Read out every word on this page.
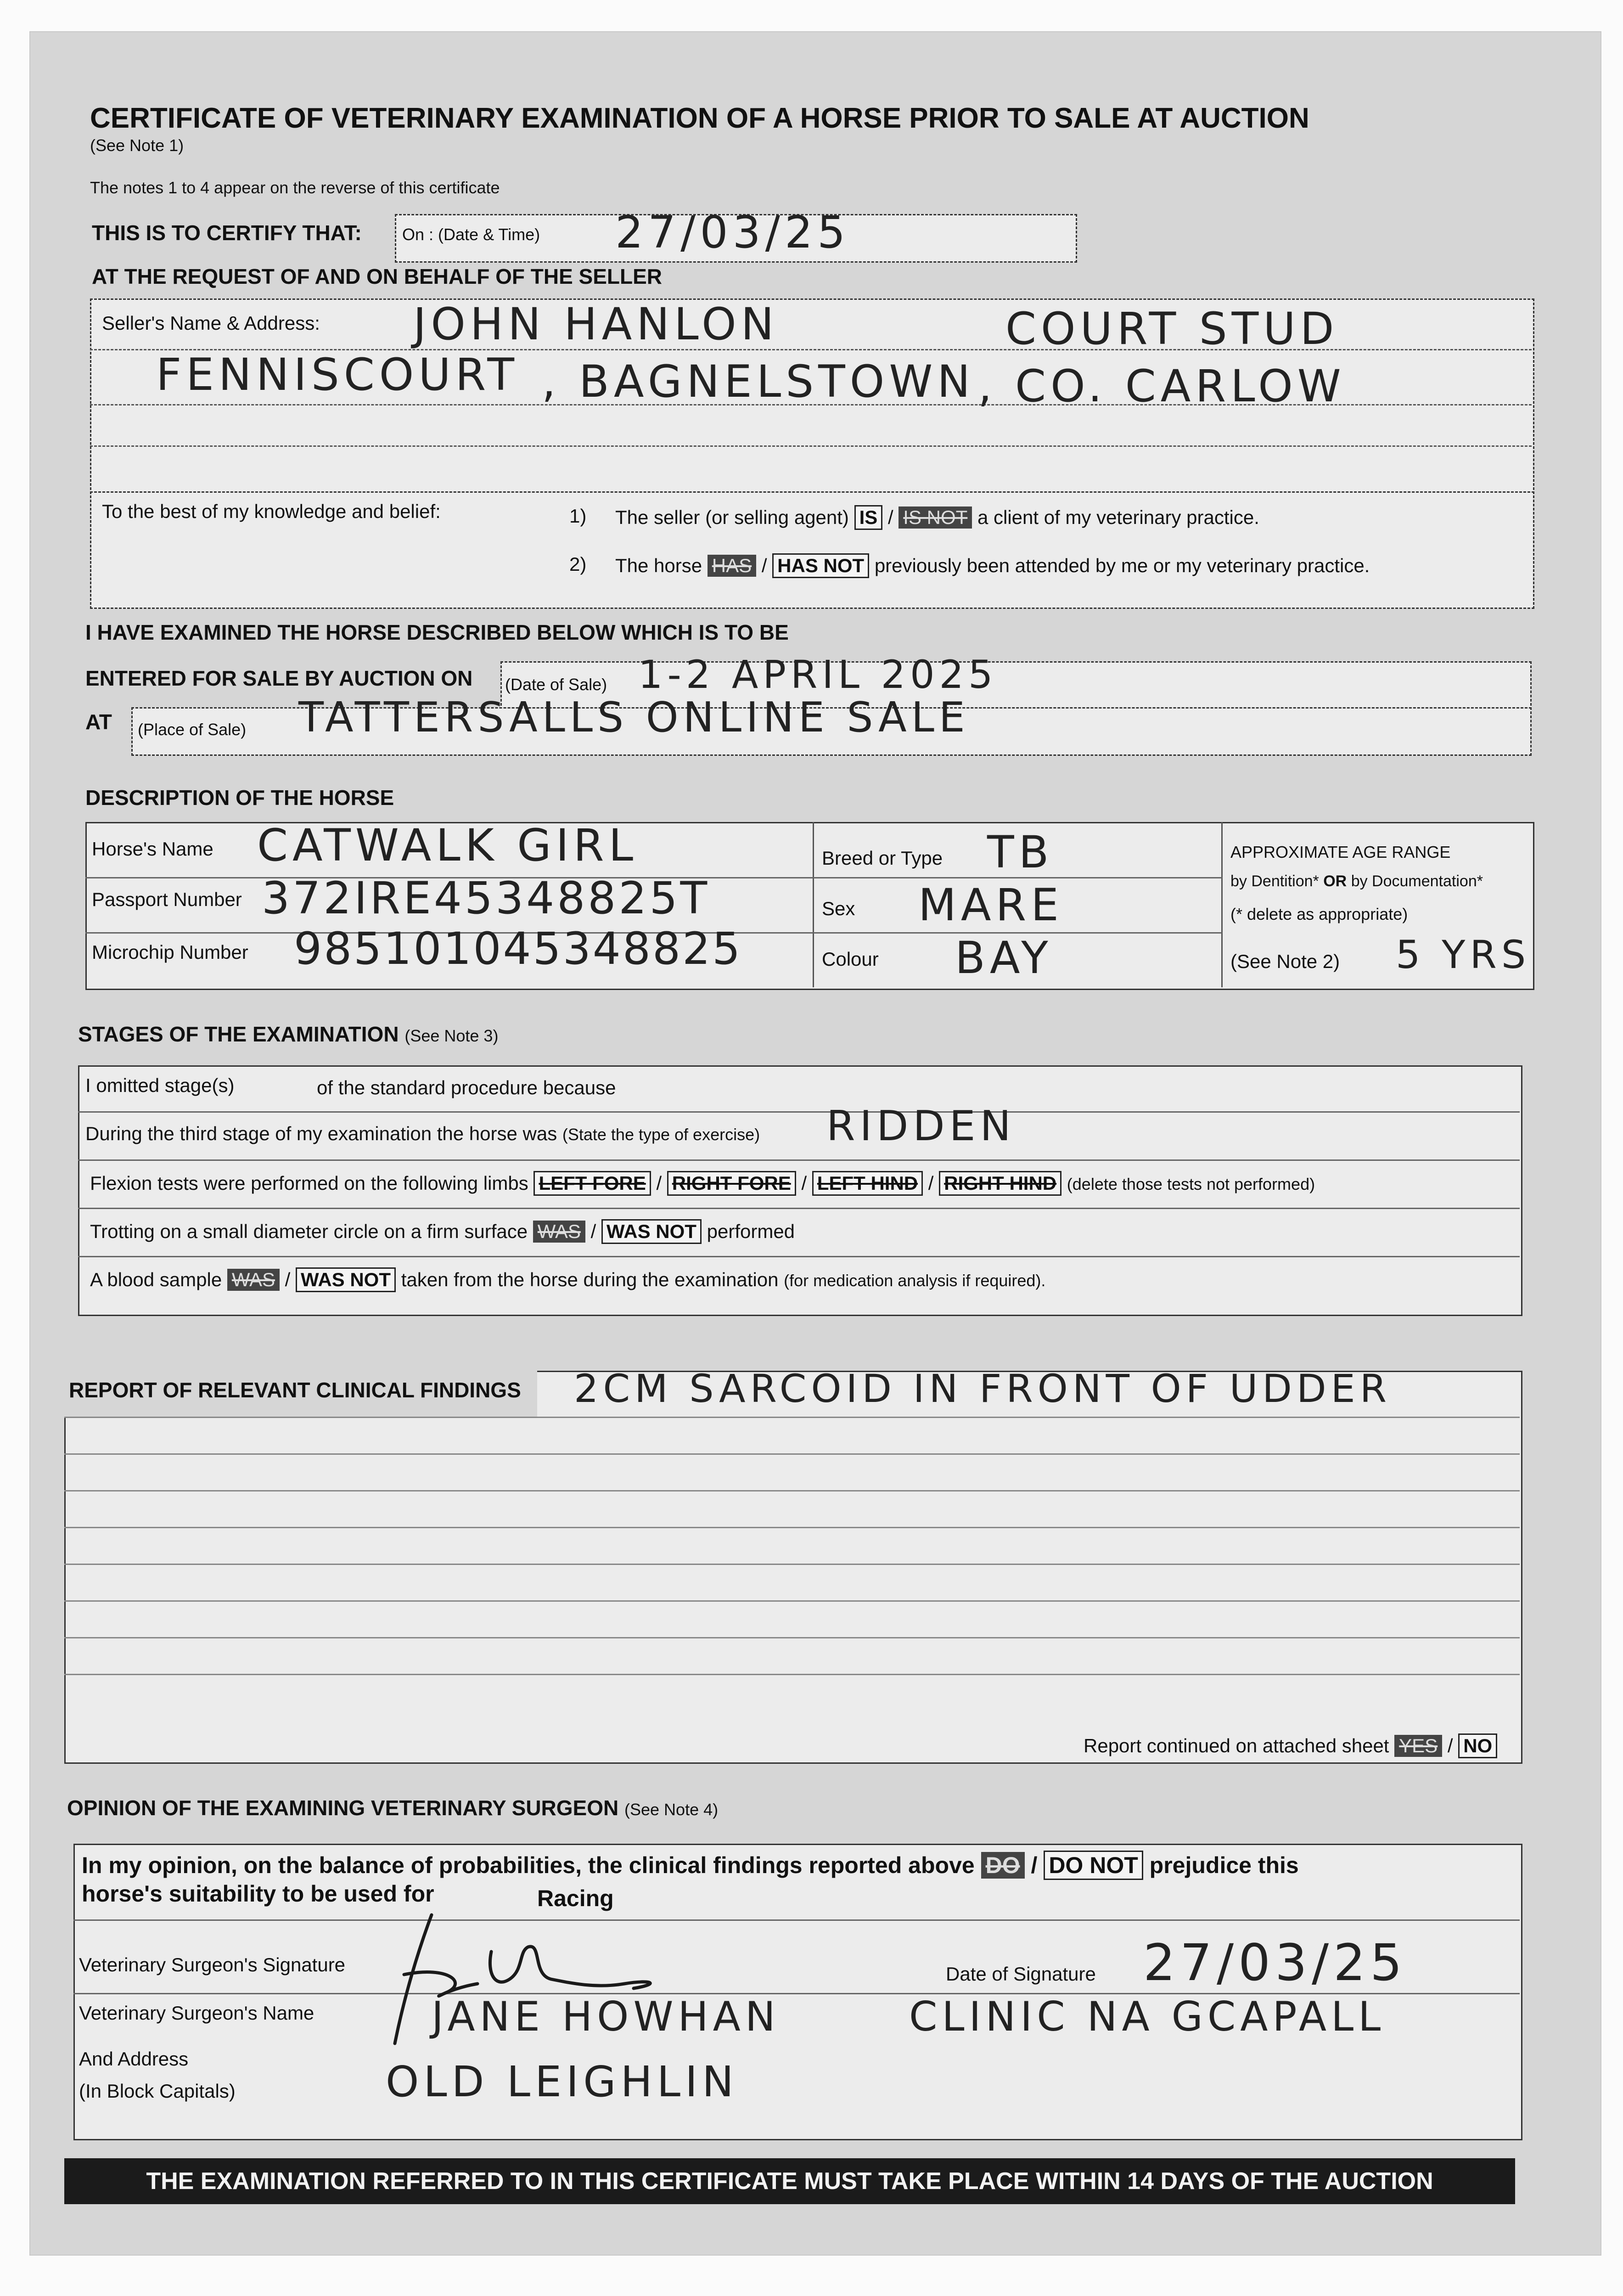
CERTIFICATE OF VETERINARY EXAMINATION OF A HORSE PRIOR TO SALE AT AUCTION
(See Note 1)
The notes 1 to 4 appear on the reverse of this certificate
THIS IS TO CERTIFY THAT: On : (Date & Time) 27/03/25
AT THE REQUEST OF AND ON BEHALF OF THE SELLER
Seller's Name & Address: JOHN HANLON	COURT STUD
FENNISCOURT , BAGNELSTOWN , CO. CARLOW
To the best of my knowledge and belief:	1) The seller (or selling agent) IS / IS NOT a client of my veterinary practice.
2) The horse HAS / HAS NOT previously been attended by me or my veterinary practice.
I HAVE EXAMINED THE HORSE DESCRIBED BELOW WHICH IS TO BE
ENTERED FOR SALE BY AUCTION ON (Date of Sale) 1-2 APRIL 2025
AT (Place of Sale) TATTERSALLS ONLINE SALE
DESCRIPTION OF THE HORSE
Horse's Name CATWALK GIRL
Passport Number 372IRE45348825T
Microchip Number 985101045348825
Breed or Type TB
Sex MARE
Colour BAY
APPROXIMATE AGE RANGE
by Dentition* OR by Documentation*
(* delete as appropriate)
(See Note 2) 5 YRS
STAGES OF THE EXAMINATION (See Note 3)
I omitted stage(s)	of the standard procedure because
During the third stage of my examination the horse was (State the type of exercise) RIDDEN
Flexion tests were performed on the following limbs LEFT FORE / RIGHT FORE / LEFT HIND / RIGHT HIND (delete those tests not performed)
Trotting on a small diameter circle on a firm surface WAS / WAS NOT performed
A blood sample WAS / WAS NOT taken from the horse during the examination (for medication analysis if required).
REPORT OF RELEVANT CLINICAL FINDINGS 2CM SARCOID IN FRONT OF UDDER
Report continued on attached sheet YES / NO
OPINION OF THE EXAMINING VETERINARY SURGEON (See Note 4)
In my opinion, on the balance of probabilities, the clinical findings reported above DO / DO NOT prejudice this
horse's suitability to be used for	Racing
Veterinary Surgeon's Signature	Date of Signature 27/03/25
Veterinary Surgeon's Name	JANE HOWHAN	CLINIC NA GCAPALL
And Address
(In Block Capitals)	OLD LEIGHLIN
THE EXAMINATION REFERRED TO IN THIS CERTIFICATE MUST TAKE PLACE WITHIN 14 DAYS OF THE AUCTION
